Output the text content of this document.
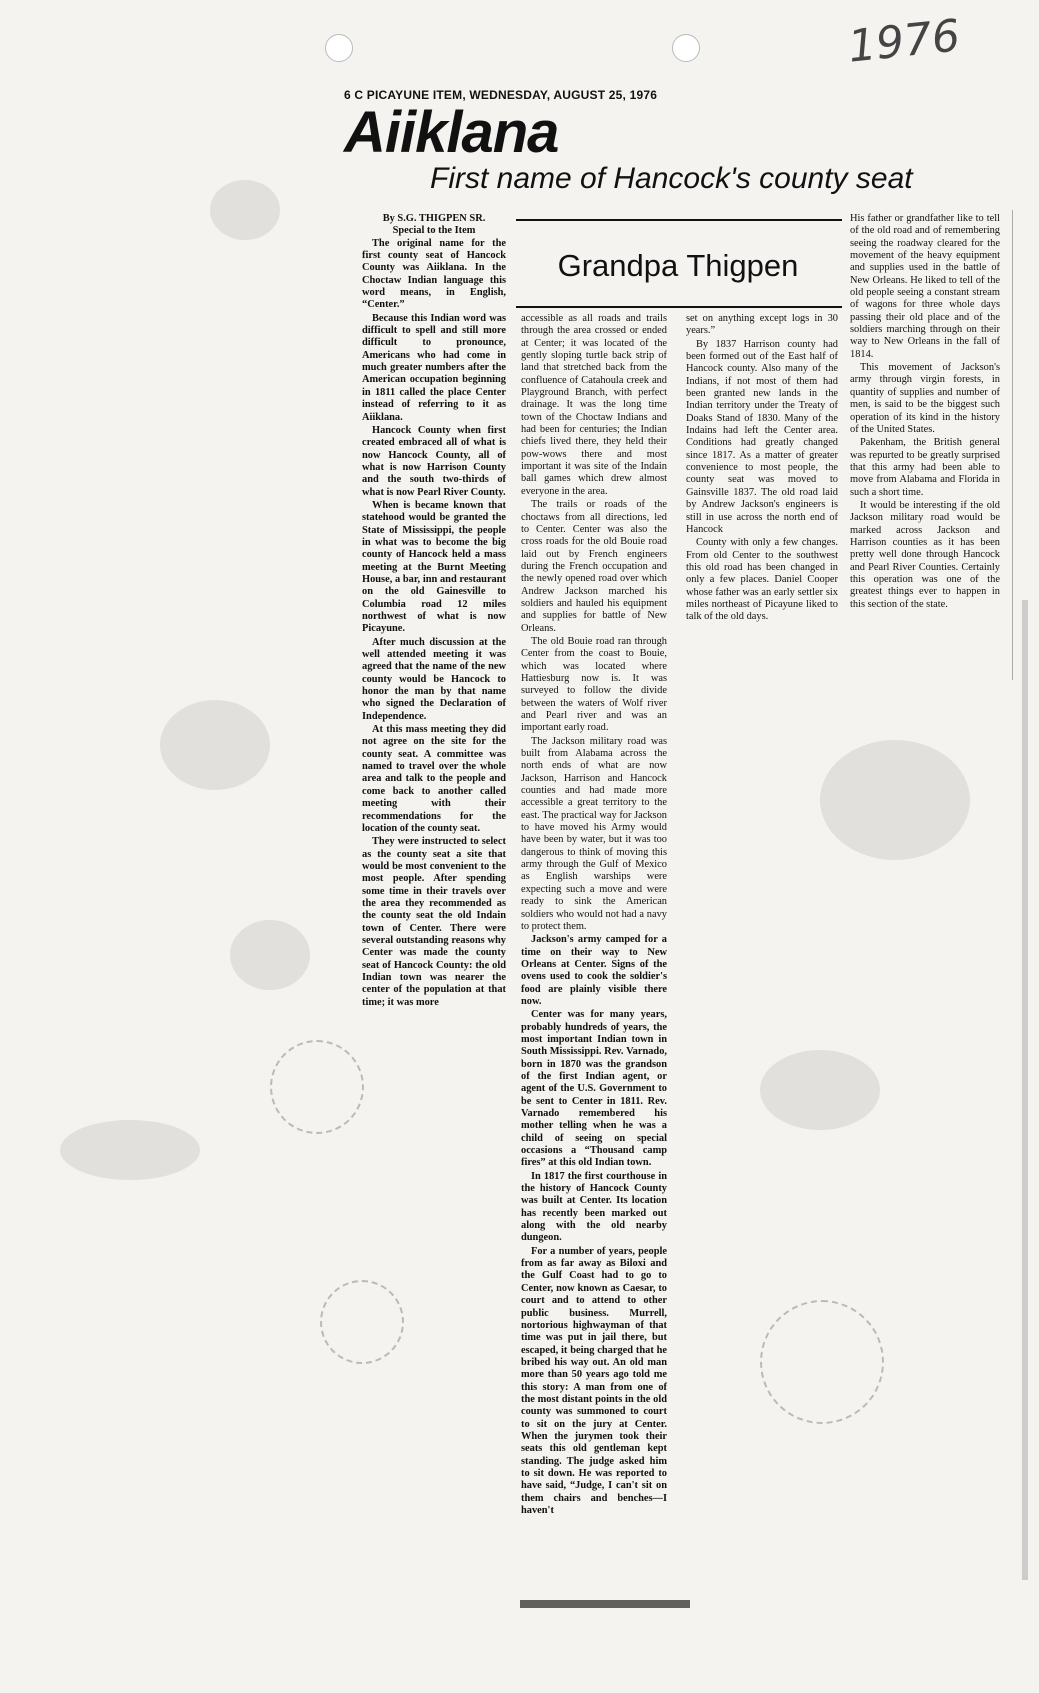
1976
6 C PICAYUNE ITEM, WEDNESDAY, AUGUST 25, 1976
Aiiklana
First name of Hancock's county seat
Grandpa Thigpen
By S.G. THIGPEN SR.
Special to the Item

The original name for the first county seat of Hancock County was Aiiklana. In the Choctaw Indian language this word means, in English, “Center.”

Because this Indian word was difficult to spell and still more difficult to pronounce, Americans who had come in much greater numbers after the American occupation beginning in 1811 called the place Center instead of referring to it as Aiiklana.

Hancock County when first created embraced all of what is now Hancock County, all of what is now Harrison County and the south two-thirds of what is now Pearl River County.

When is became known that statehood would be granted the State of Mississippi, the people in what was to become the big county of Hancock held a mass meeting at the Burnt Meeting House, a bar, inn and restaurant on the old Gainesville to Columbia road 12 miles northwest of what is now Picayune.

After much discussion at the well attended meeting it was agreed that the name of the new county would be Hancock to honor the man by that name who signed the Declaration of Independence.

At this mass meeting they did not agree on the site for the county seat. A committee was named to travel over the whole area and talk to the people and come back to another called meeting with their recommendations for the location of the county seat.

They were instructed to select as the county seat a site that would be most convenient to the most people. After spending some time in their travels over the area they recommended as the county seat the old Indain town of Center. There were several outstanding reasons why Center was made the county seat of Hancock County: the old Indian town was nearer the center of the population at that time; it was more

accessible as all roads and trails through the area crossed or ended at Center; it was located of the gently sloping turtle back strip of land that stretched back from the confluence of Catahoula creek and Playground Branch, with perfect drainage. It was the long time town of the Choctaw Indians and had been for centuries; the Indian chiefs lived there, they held their pow-wows there and most important it was site of the Indain ball games which drew almost everyone in the area.

The trails or roads of the choctaws from all directions, led to Center. Center was also the cross roads for the old Bouie road laid out by French engineers during the French occupation and the newly opened road over which Andrew Jackson marched his soldiers and hauled his equipment and supplies for battle of New Orleans.

The old Bouie road ran through Center from the coast to Bouie, which was located where Hattiesburg now is. It was surveyed to follow the divide between the waters of Wolf river and Pearl river and was an important early road.

The Jackson military road was built from Alabama across the north ends of what are now Jackson, Harrison and Hancock counties and had made more accessible a great territory to the east. The practical way for Jackson to have moved his Army would have been by water, but it was too dangerous to think of moving this army through the Gulf of Mexico as English warships were expecting such a move and were ready to sink the American soldiers who would not had a navy to protect them.

Jackson's army camped for a time on their way to New Orleans at Center. Signs of the ovens used to cook the soldier's food are plainly visible there now.

Center was for many years, probably hundreds of years, the most important Indian town in South Mississippi. Rev. Varnado, born in 1870 was the grandson of the first Indian agent, or agent of the U.S. Government to be sent to Center in 1811. Rev. Varnado remembered his mother telling when he was a child of seeing on special occasions a “Thousand camp fires” at this old Indian town.

In 1817 the first courthouse in the history of Hancock County was built at Center. Its location has recently been marked out along with the old nearby dungeon.

For a number of years, people from as far away as Biloxi and the Gulf Coast had to go to Center, now known as Caesar, to court and to attend to other public business. Murrell, nortorious highwayman of that time was put in jail there, but escaped, it being charged that he bribed his way out. An old man more than 50 years ago told me this story: A man from one of the most distant points in the old county was summoned to court to sit on the jury at Center. When the jurymen took their seats this old gentleman kept standing. The judge asked him to sit down. He was reported to have said, “Judge, I can't sit on them chairs and benches—I haven't

set on anything except logs in 30 years.”

By 1837 Harrison county had been formed out of the East half of Hancock county. Also many of the Indians, if not most of them had been granted new lands in the Indian territory under the Treaty of Doaks Stand of 1830. Many of the Indains had left the Center area. Conditions had greatly changed since 1817. As a matter of greater convenience to most people, the county seat was moved to Gainsville 1837. The old road laid by Andrew Jackson's engineers is still in use across the north end of Hancock

County with only a few changes. From old Center to the southwest this old road has been changed in only a few places. Daniel Cooper whose father was an early settler six miles northeast of Picayune liked to talk of the old days.

His father or grandfather like to tell of the old road and of remembering seeing the roadway cleared for the movement of the heavy equipment and supplies used in the battle of New Orleans. He liked to tell of the old people seeing a constant stream of wagons for three whole days passing their old place and of the soldiers marching through on their way to New Orleans in the fall of 1814.

This movement of Jackson's army through virgin forests, in quantity of supplies and number of men, is said to be the biggest such operation of its kind in the history of the United States.

Pakenham, the British general was repurted to be greatly surprised that this army had been able to move from Alabama and Florida in such a short time.

It would be interesting if the old Jackson military road would be marked across Jackson and Harrison counties as it has been pretty well done through Hancock and Pearl River Counties. Certainly this operation was one of the greatest things ever to happen in this section of the state.
